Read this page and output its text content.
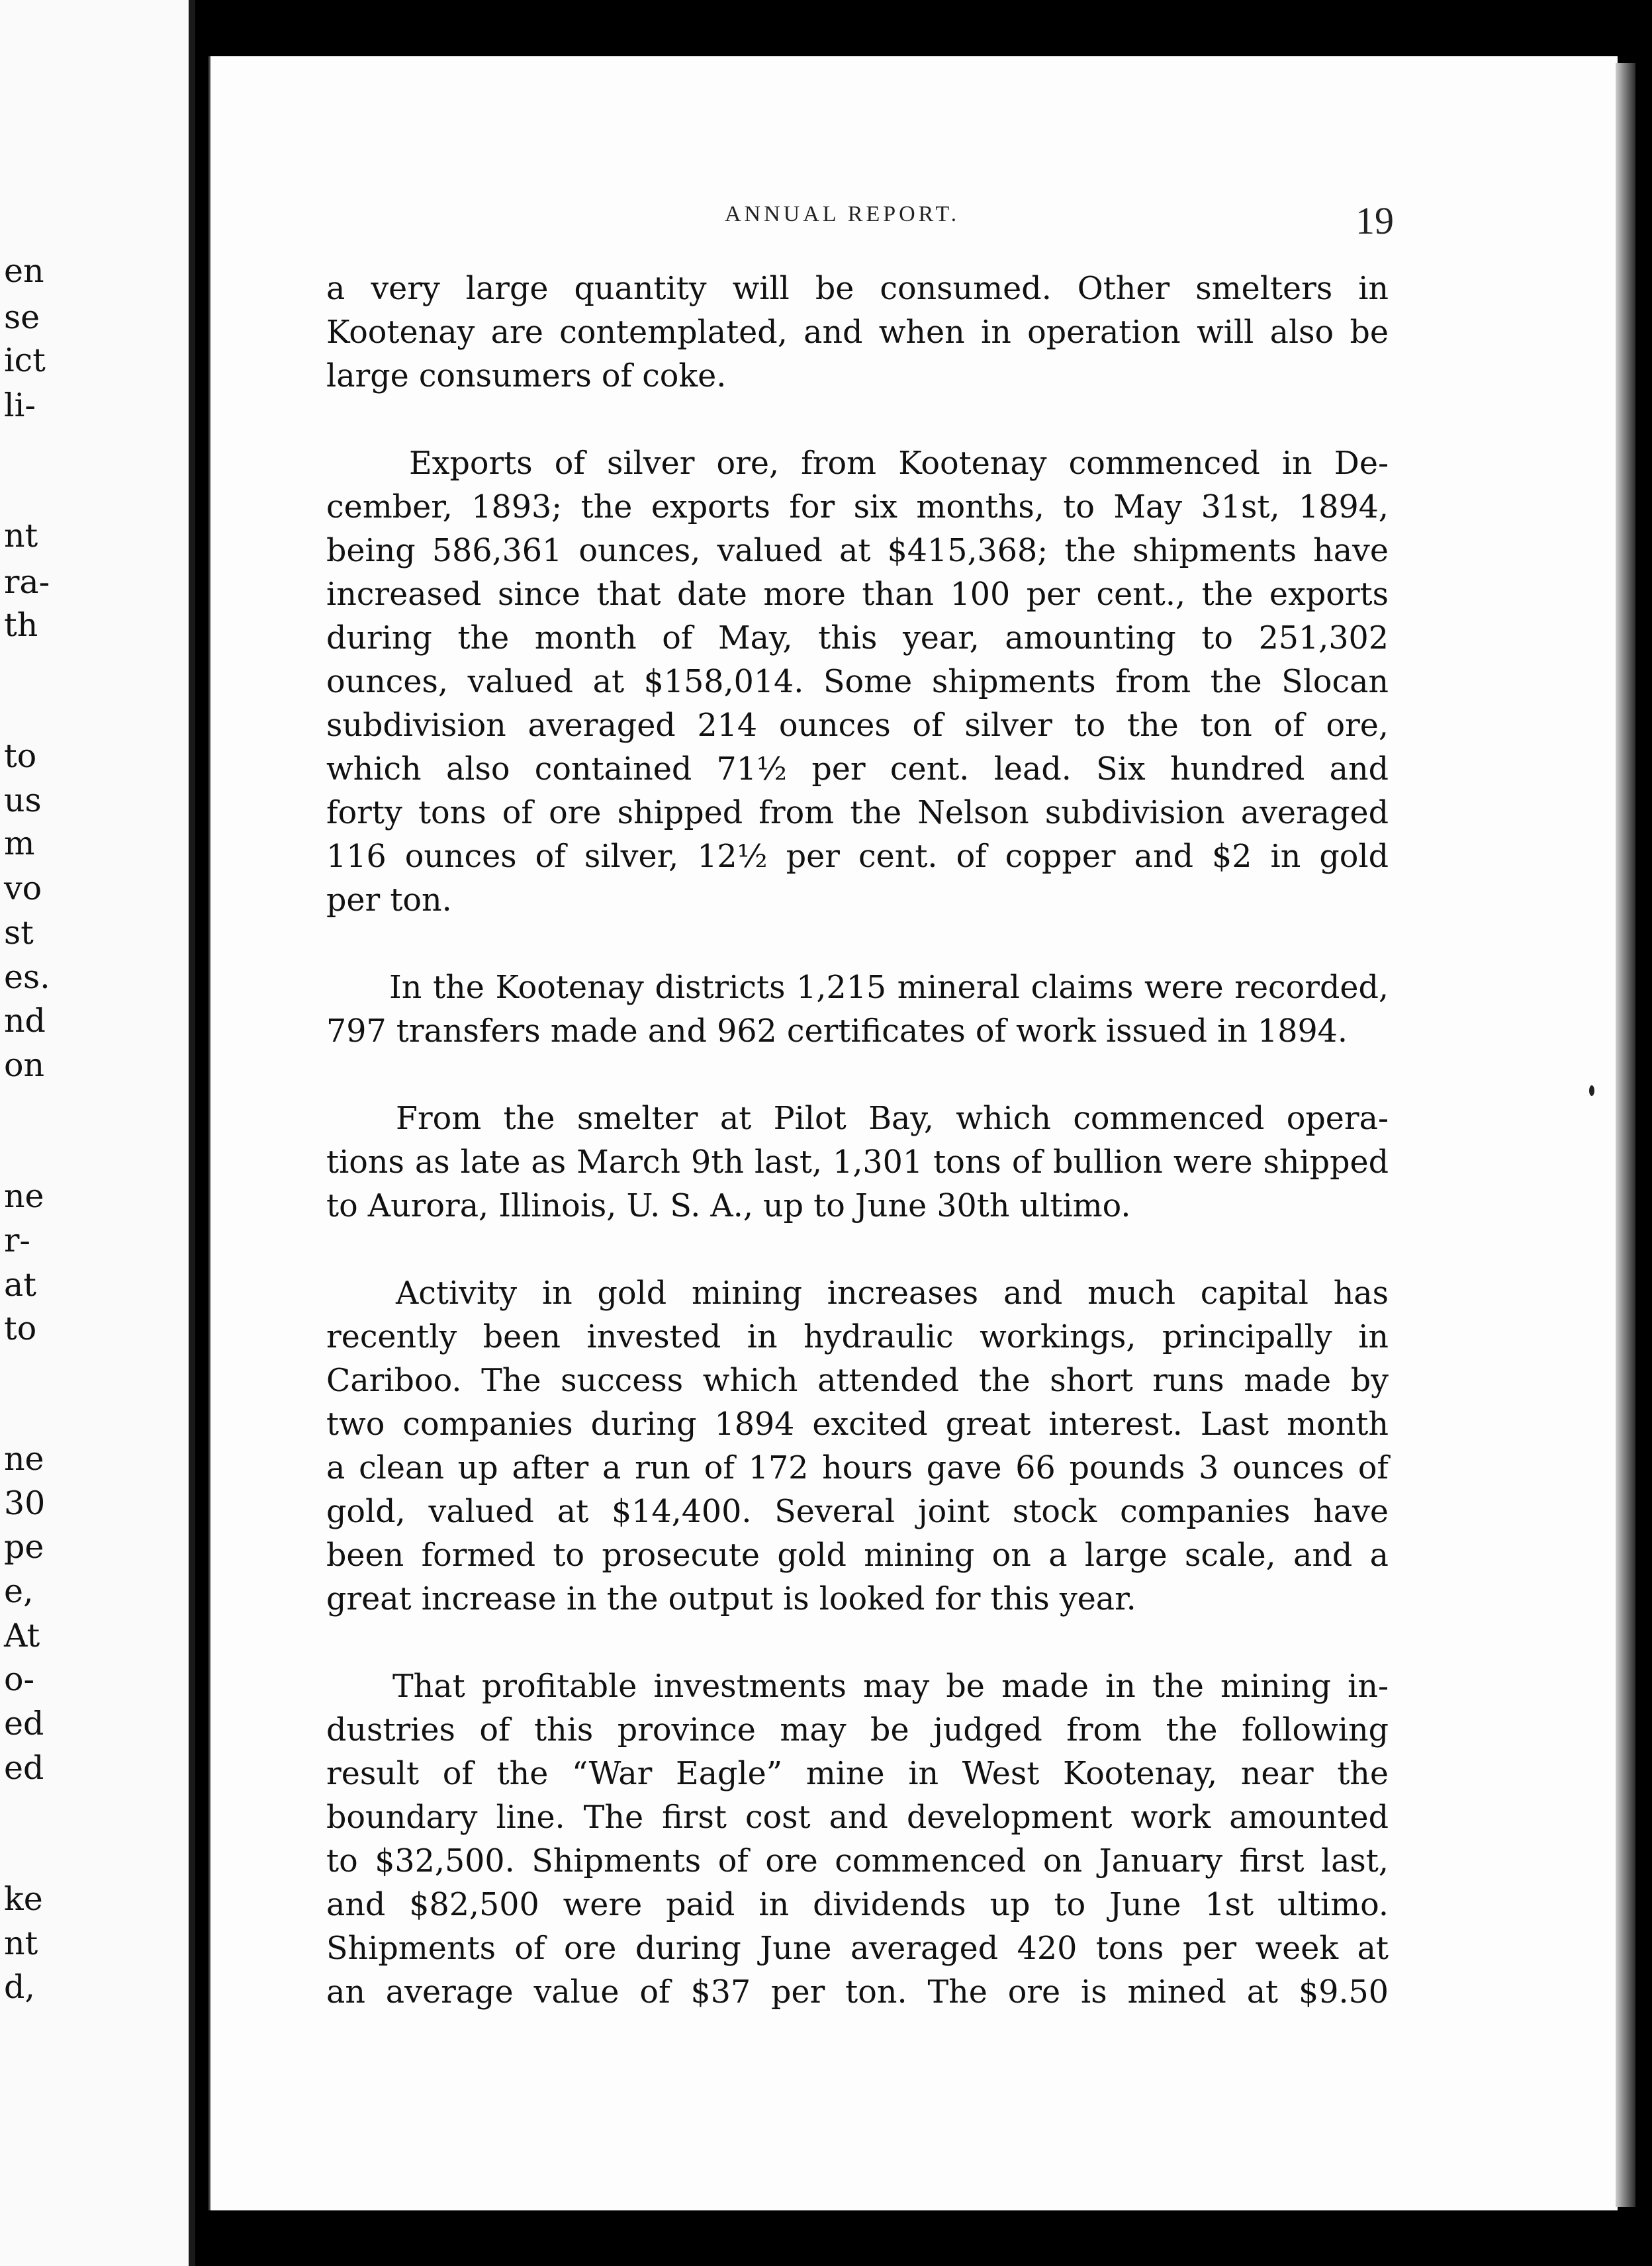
en
se
ict
li-
nt
ra-
th
to
us
m
vo
st
es.
nd
on
ne
r-
at
to
ne
30
pe
e,
At
o-
ed
ed
ke
nt
d,
ANNUAL REPORT.	19

a very large quantity will be consumed. Other smelters in
Kootenay are contemplated, and when in operation will also be
large consumers of coke.

Exports of silver ore, from Kootenay commenced in De-
cember, 1893; the exports for six months, to May 31st, 1894,
being 586,361 ounces, valued at $415,368; the shipments have
increased since that date more than 100 per cent., the exports
during the month of May, this year, amounting to 251,302
ounces, valued at $158,014. Some shipments from the Slocan
subdivision averaged 214 ounces of silver to the ton of ore,
which also contained 71½ per cent. lead. Six hundred and
forty tons of ore shipped from the Nelson subdivision averaged
116 ounces of silver, 12½ per cent. of copper and $2 in gold
per ton.

In the Kootenay districts 1,215 mineral claims were recorded,
797 transfers made and 962 certificates of work issued in 1894.

From the smelter at Pilot Bay, which commenced opera-
tions as late as March 9th last, 1,301 tons of bullion were shipped
to Aurora, Illinois, U. S. A., up to June 30th ultimo.

Activity in gold mining increases and much capital has
recently been invested in hydraulic workings, principally in
Cariboo. The success which attended the short runs made by
two companies during 1894 excited great interest. Last month
a clean up after a run of 172 hours gave 66 pounds 3 ounces of
gold, valued at $14,400. Several joint stock companies have
been formed to prosecute gold mining on a large scale, and a
great increase in the output is looked for this year.

That profitable investments may be made in the mining in-
dustries of this province may be judged from the following
result of the “War Eagle” mine in West Kootenay, near the
boundary line. The first cost and development work amounted
to $32,500. Shipments of ore commenced on January first last,
and $82,500 were paid in dividends up to June 1st ultimo.
Shipments of ore during June averaged 420 tons per week at
an average value of $37 per ton. The ore is mined at $9.50
